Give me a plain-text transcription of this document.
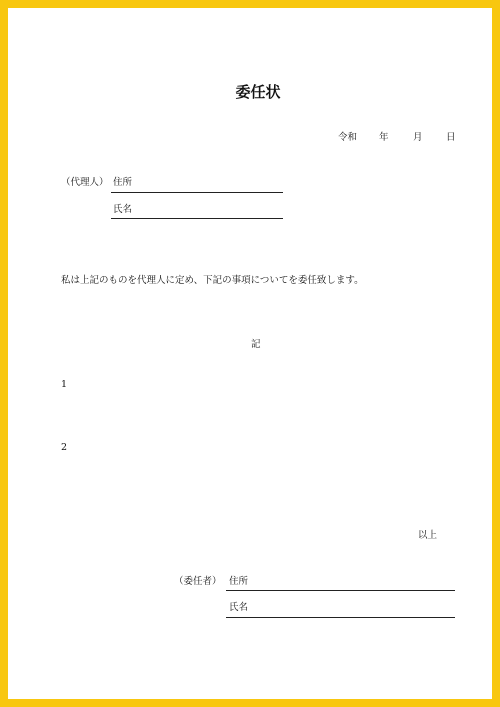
委任状
令和 年	月 日
（代理人） 住所
氏名
私は上記のものを代理人に定め、下記の事項についてを委任致します。
記
1
2
以上
（委任者） 住所
氏名
